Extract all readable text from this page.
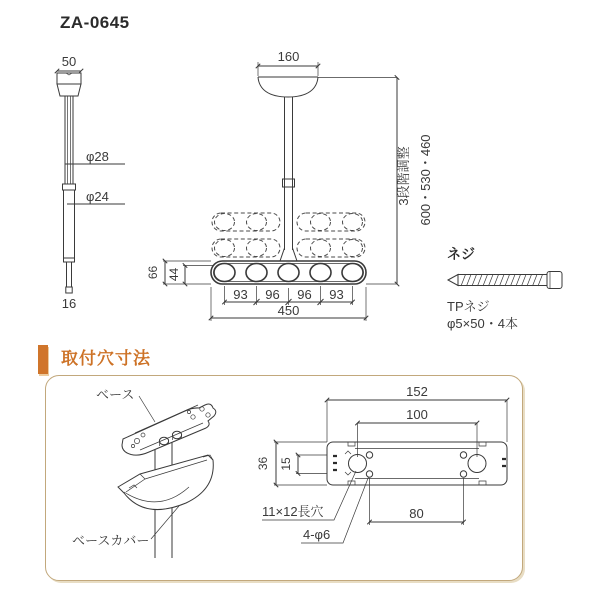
ZA-0645
50
16
φ28
φ24
160
3段階調整 600・530・460
66 44
93 96 96 93
450
ネジ
TPネジ
φ5×50・4本
取付穴寸法
ベース
ベースカバー
152
100
36 15
11×12長穴
4-φ6
80
